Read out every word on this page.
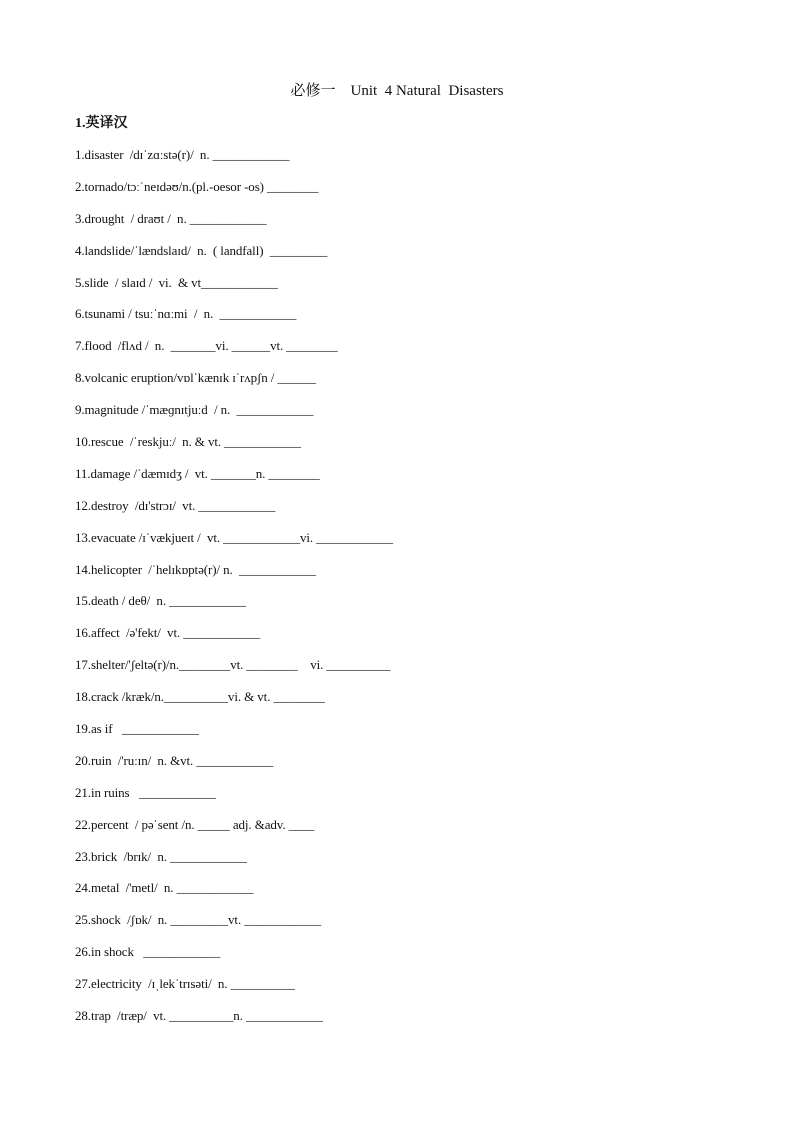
必修一    Unit  4 Natural  Disasters
1.英译汉
1.disaster  /dɪˈzɑːstə(r)/  n. ____________
2.tornado/tɔːˈneɪdəʊ/n.(pl.-oesor -os) ________
3.drought  / draʊt /  n. ____________
4.landslide/ˈlændslaɪd/  n.  ( landfall)  _________
5.slide  / slaɪd /  vi.  & vt____________
6.tsunami / tsuːˈnɑːmi  /  n.  ____________
7.flood  /flʌd /  n.  _______vi. ______vt. ________
8.volcanic eruption/vɒlˈkænɪk ɪˈrʌpʃn / ______
9.magnitude /ˈmæɡnɪtjuːd  / n.  ____________
10.rescue  /ˈreskjuː/  n. & vt. ____________
11.damage /ˈdæmɪdʒ /  vt. _______n. ________
12.destroy  /dɪ'strɔɪ/  vt. ____________
13.evacuate /ɪˈvækjueɪt /  vt. ____________vi. ____________
14.helicopter  /ˈhelɪkɒptə(r)/ n.  ____________
15.death / deθ/  n. ____________
16.affect  /ə'fekt/  vt. ____________
17.shelter/'ʃeltə(r)/n.________vt. ________    vi. __________
18.crack /kræk/n.__________vi. & vt. ________
19.as if   ____________
20.ruin  /'ruːɪn/  n. &vt. ____________
21.in ruins   ____________
22.percent  / pəˈsent /n. _____ adj. &adv. ____
23.brick  /brɪk/  n. ____________
24.metal  /'metl/  n. ____________
25.shock  /ʃɒk/  n. _________vt. ____________
26.in shock   ____________
27.electricity  /ɪˌlekˈtrɪsəti/  n. __________
28.trap  /træp/  vt. __________n. ____________
